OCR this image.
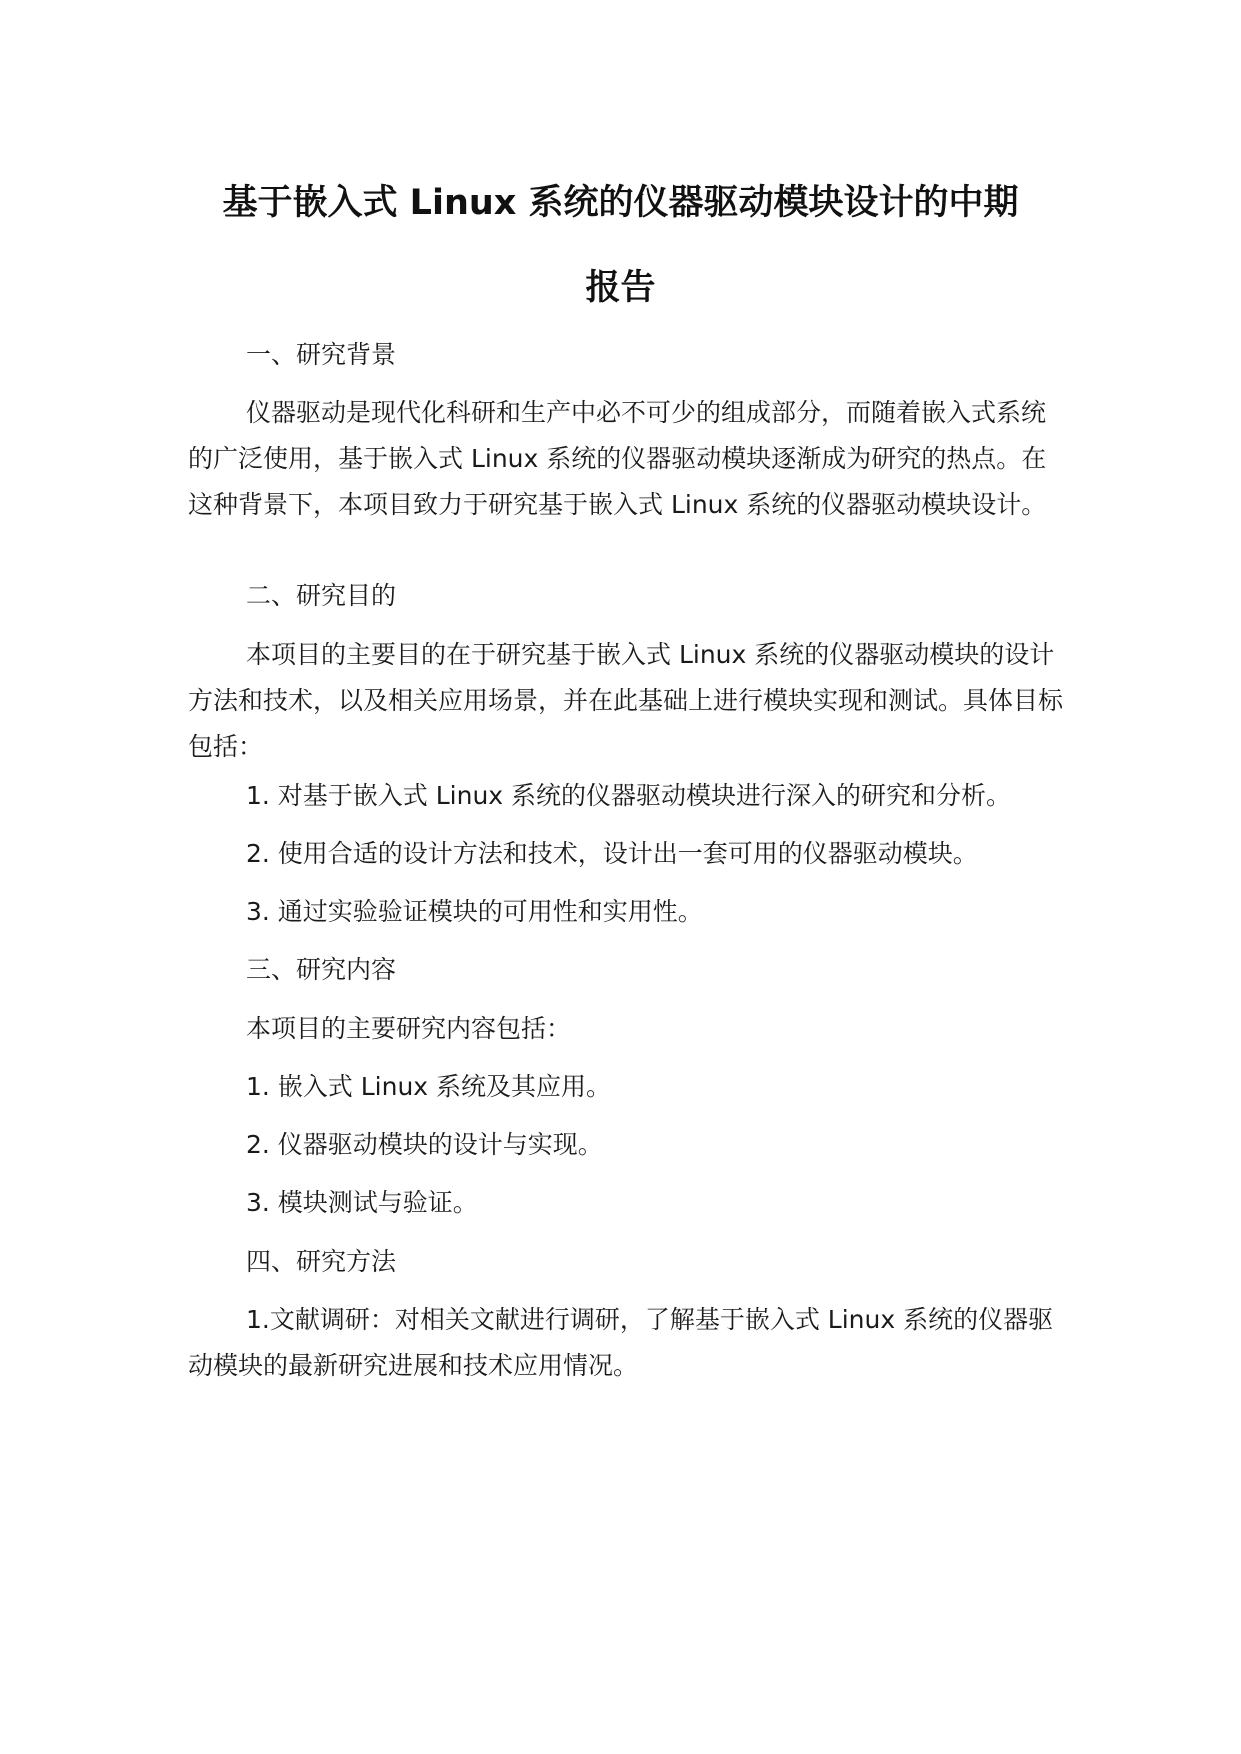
基于嵌入式 Linux 系统的仪器驱动模块设计的中期
报告

一、研究背景

仪器驱动是现代化科研和生产中必不可少的组成部分，而随着嵌入式系统的广泛使用，基于嵌入式 Linux 系统的仪器驱动模块逐渐成为研究的热点。在这种背景下，本项目致力于研究基于嵌入式 Linux 系统的仪器驱动模块设计。

二、研究目的

本项目的主要目的在于研究基于嵌入式 Linux 系统的仪器驱动模块的设计方法和技术，以及相关应用场景，并在此基础上进行模块实现和测试。具体目标包括：

1. 对基于嵌入式 Linux 系统的仪器驱动模块进行深入的研究和分析。

2. 使用合适的设计方法和技术，设计出一套可用的仪器驱动模块。

3. 通过实验验证模块的可用性和实用性。

三、研究内容

本项目的主要研究内容包括：

1. 嵌入式 Linux 系统及其应用。

2. 仪器驱动模块的设计与实现。

3. 模块测试与验证。

四、研究方法

1.文献调研：对相关文献进行调研，了解基于嵌入式 Linux 系统的仪器驱动模块的最新研究进展和技术应用情况。
